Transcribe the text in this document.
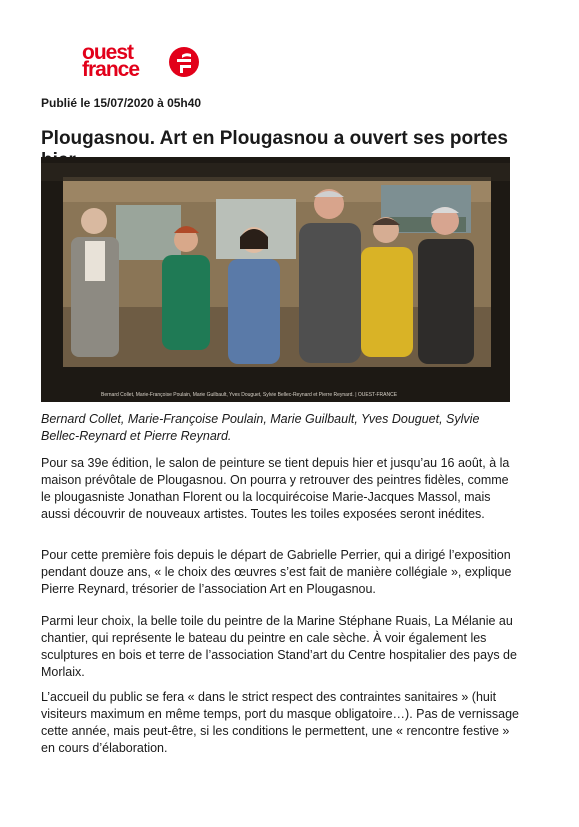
ouest
france
Publié le 15/07/2020 à 05h40
Plougasnou. Art en Plougasnou a ouvert ses portes
Bernard Collet, Marie-Françoise Poulain, Marie Guilbault, Yves Douguet, Sylvie Bellec-Reynard et Pierre Reynard. | OUEST-FRANCE

Bernard Collet, Marie-Françoise Poulain, Marie Guilbault, Yves Douguet, Sylvie Bellec-Reynard et Pierre Reynard.

Pour sa 39e édition, le salon de peinture se tient depuis hier et jusqu’au 16 août, à la maison prévôtale de Plougasnou. On pourra y retrouver des peintres fidèles, comme le plougasniste Jonathan Florent ou la locquirécoise Marie-Jacques Massol, mais aussi découvrir de nouveaux artistes. Toutes les toiles exposées seront inédites.

Pour cette première fois depuis le départ de Gabrielle Perrier, qui a dirigé l’exposition pendant douze ans, « le choix des œuvres s’est fait de manière collégiale », explique Pierre Reynard, trésorier de l’association Art en Plougasnou.

Parmi leur choix, la belle toile du peintre de la Marine Stéphane Ruais, La Mélanie au chantier, qui représente le bateau du peintre en cale sèche. À voir également les sculptures en bois et terre de l’association Stand’art du Centre hospitalier des pays de Morlaix.

L’accueil du public se fera « dans le strict respect des contraintes sanitaires » (huit visiteurs maximum en même temps, port du masque obligatoire…). Pas de vernissage cette année, mais peut-être, si les conditions le permettent, une « rencontre festive » en cours d’élaboration.
